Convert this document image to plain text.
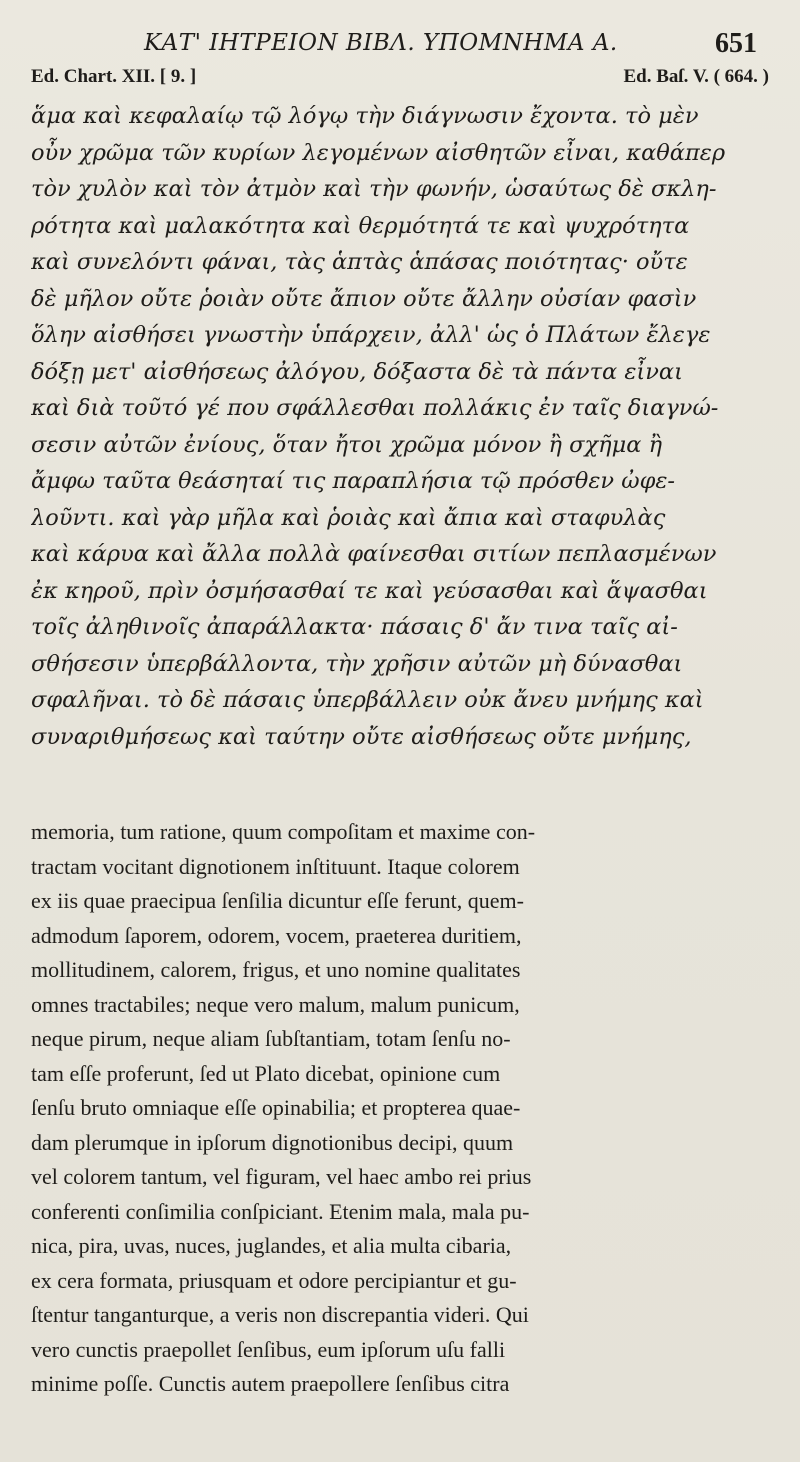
ΚΑΤ' ΙΗΤΡΕΙΟΝ ΒΙΒΛ. ΥΠΟΜΝΗΜΑ Α.	651
Ed. Chart. XII. [ 9. ]	Ed. Baſ. V. ( 664. )
ἅμα καὶ κεφαλαίῳ τῷ λόγῳ τὴν διάγνωσιν ἔχοντα. τὸ μὲν
οὖν χρῶμα τῶν κυρίων λεγομένων αἰσθητῶν εἶναι, καθάπερ
τὸν χυλὸν καὶ τὸν ἀτμὸν καὶ τὴν φωνήν, ὡσαύτως δὲ σκλη-
ρότητα καὶ μαλακότητα καὶ θερμότητά τε καὶ ψυχρότητα
καὶ συνελόντι φάναι, τὰς ἁπτὰς ἁπάσας ποιότητας· οὔτε
δὲ μῆλον οὔτε ῥοιὰν οὔτε ἄπιον οὔτε ἄλλην οὐσίαν φασὶν
ὅλην αἰσθήσει γνωστὴν ὑπάρχειν, ἀλλ' ὡς ὁ Πλάτων ἔλεγε
δόξῃ μετ' αἰσθήσεως ἀλόγου, δόξαστα δὲ τὰ πάντα εἶναι
καὶ διὰ τοῦτό γέ που σφάλλεσθαι πολλάκις ἐν ταῖς διαγνώ-
σεσιν αὐτῶν ἐνίους, ὅταν ἤτοι χρῶμα μόνον ἢ σχῆμα ἢ
ἄμφω ταῦτα θεάσηταί τις παραπλήσια τῷ πρόσθεν ὠφε-
λοῦντι. καὶ γὰρ μῆλα καὶ ῥοιὰς καὶ ἄπια καὶ σταφυλὰς
καὶ κάρυα καὶ ἄλλα πολλὰ φαίνεσθαι σιτίων πεπλασμένων
ἐκ κηροῦ, πρὶν ὀσμήσασθαί τε καὶ γεύσασθαι καὶ ἅψασθαι
τοῖς ἀληθινοῖς ἀπαράλλακτα· πάσαις δ' ἄν τινα ταῖς αἰ-
σθήσεσιν ὑπερβάλλοντα, τὴν χρῆσιν αὐτῶν μὴ δύνασθαι
σφαλῆναι. τὸ δὲ πάσαις ὑπερβάλλειν οὐκ ἄνευ μνήμης καὶ
συναριθμήσεως καὶ ταύτην οὔτε αἰσθήσεως οὔτε μνήμης,
memoria, tum ratione, quum compoſitam et maxime con-
tractam vocitant dignotionem inſtituunt. Itaque colorem
ex iis quae praecipua ſenſilia dicuntur eſſe ferunt, quem-
admodum ſaporem, odorem, vocem, praeterea duritiem,
mollitudinem, calorem, frigus, et uno nomine qualitates
omnes tractabiles; neque vero malum, malum punicum,
neque pirum, neque aliam ſubſtantiam, totam ſenſu no-
tam eſſe proferunt, ſed ut Plato dicebat, opinione cum
ſenſu bruto omniaque eſſe opinabilia; et propterea quae-
dam plerumque in ipſorum dignotionibus decipi, quum
vel colorem tantum, vel figuram, vel haec ambo rei prius
conferenti conſimilia conſpiciant. Etenim mala, mala pu-
nica, pira, uvas, nuces, juglandes, et alia multa cibaria,
ex cera formata, priusquam et odore percipiantur et gu-
ſtentur tanganturque, a veris non discrepantia videri. Qui
vero cunctis praepollet ſenſibus, eum ipſorum uſu falli
minime poſſe. Cunctis autem praepollere ſenſibus citra
